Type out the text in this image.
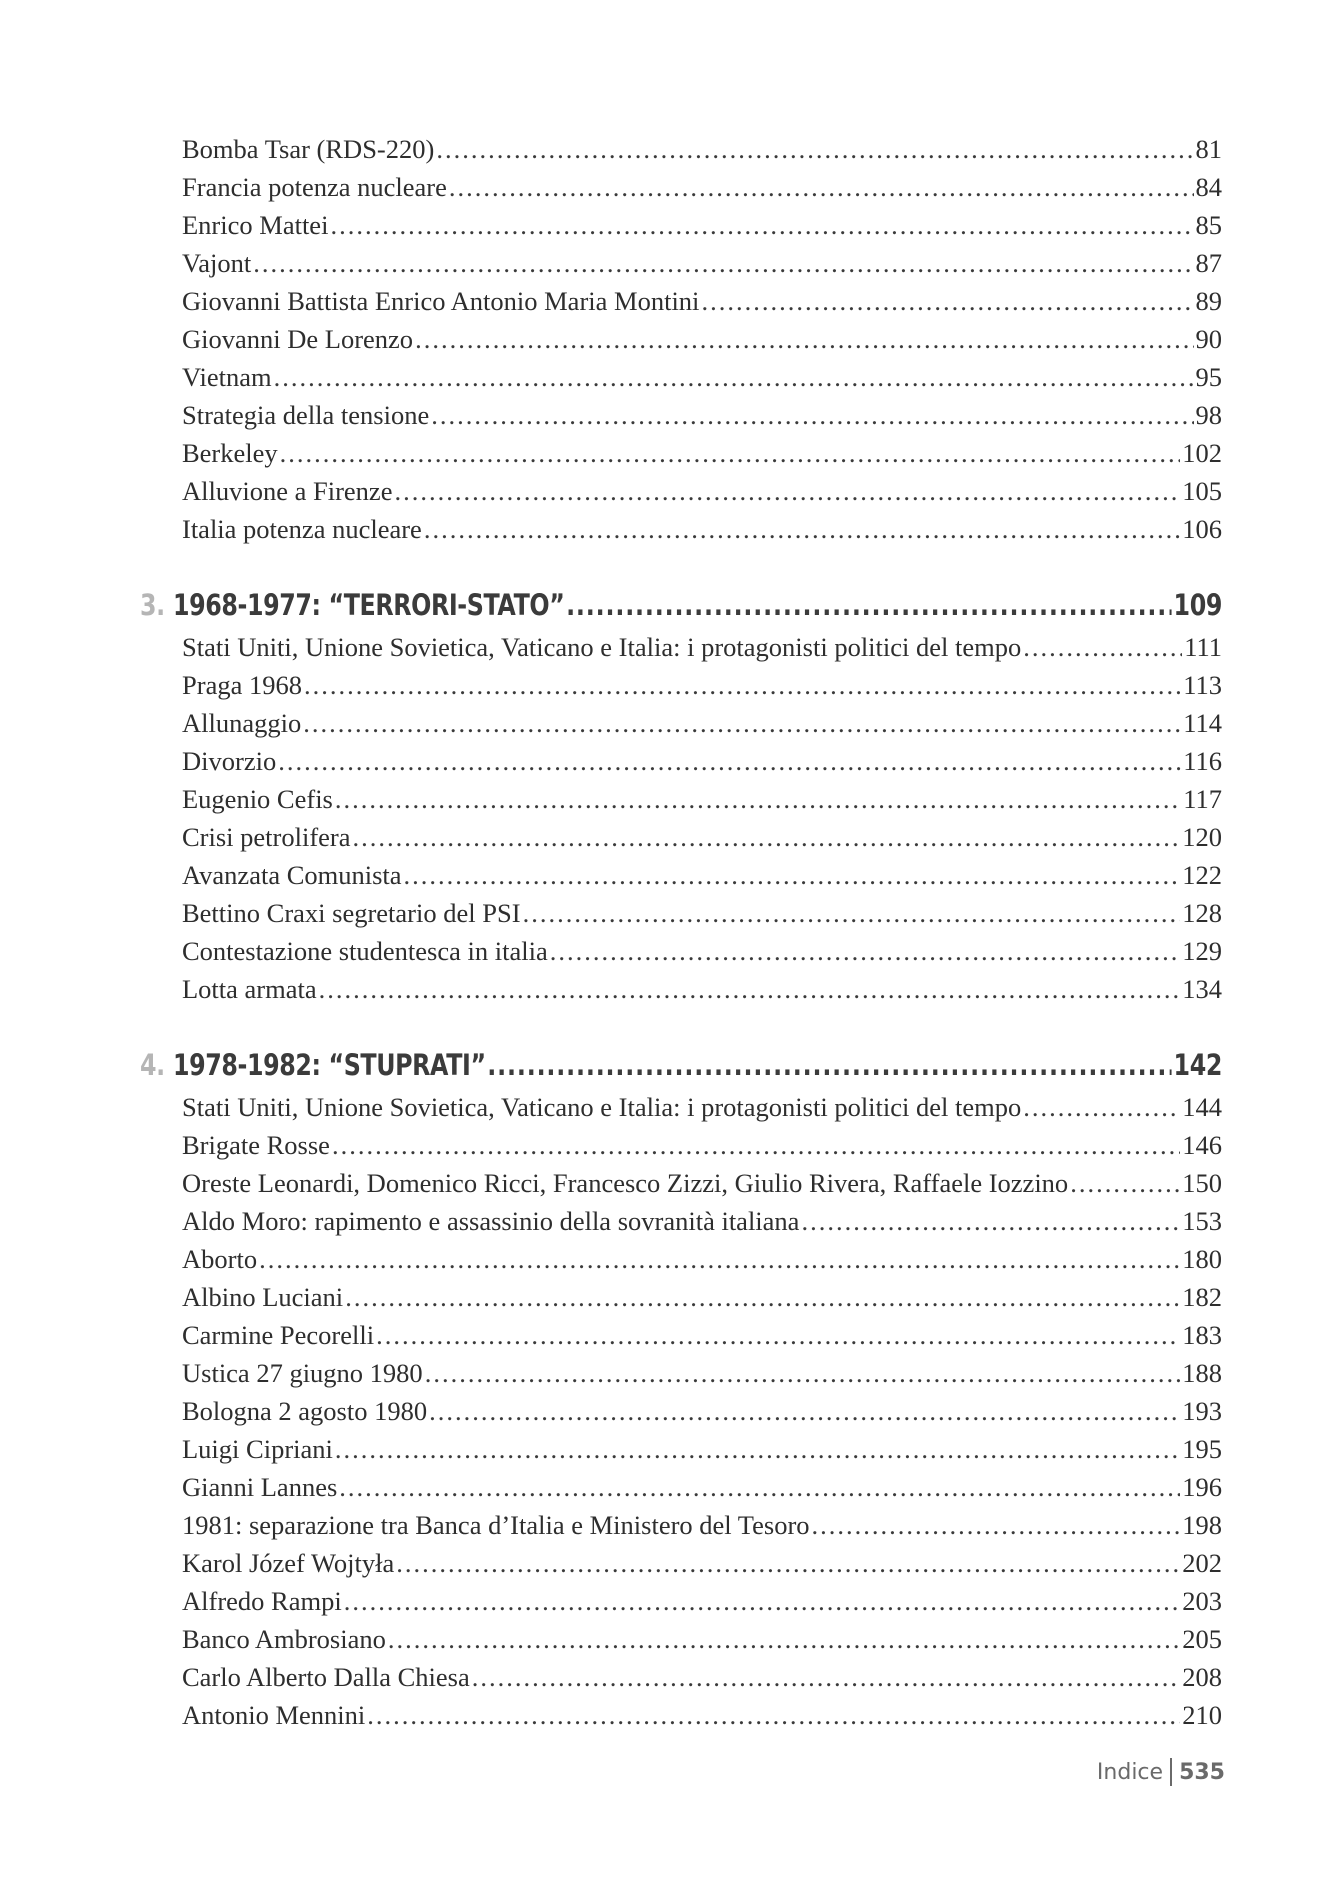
Bomba Tsar (RDS-220) .....	81
Francia potenza nucleare .....	84
Enrico Mattei .....	85
Vajont .....	87
Giovanni Battista Enrico Antonio Maria Montini .....	89
Giovanni De Lorenzo .....	90
Vietnam .....	95
Strategia della tensione .....	98
Berkeley .....	102
Alluvione a Firenze .....	105
Italia potenza nucleare .....	106
3. 1968-1977: “TERRORI-STATO” .....	109
Stati Uniti, Unione Sovietica, Vaticano e Italia: i protagonisti politici del tempo .....	111
Praga 1968 .....	113
Allunaggio .....	114
Divorzio .....	116
Eugenio Cefis .....	117
Crisi petrolifera .....	120
Avanzata Comunista .....	122
Bettino Craxi segretario del PSI .....	128
Contestazione studentesca in italia .....	129
Lotta armata .....	134
4. 1978-1982: “STUPRATI” .....	142
Stati Uniti, Unione Sovietica, Vaticano e Italia: i protagonisti politici del tempo .....	144
Brigate Rosse .....	146
Oreste Leonardi, Domenico Ricci, Francesco Zizzi, Giulio Rivera, Raffaele Iozzino .....	150
Aldo Moro: rapimento e assassinio della sovranità italiana .....	153
Aborto .....	180
Albino Luciani .....	182
Carmine Pecorelli .....	183
Ustica 27 giugno 1980 .....	188
Bologna 2 agosto 1980 .....	193
Luigi Cipriani .....	195
Gianni Lannes .....	196
1981: separazione tra Banca d’Italia e Ministero del Tesoro .....	198
Karol Józef Wojtyła .....	202
Alfredo Rampi .....	203
Banco Ambrosiano .....	205
Carlo Alberto Dalla Chiesa .....	208
Antonio Mennini .....	210
Indice 535
